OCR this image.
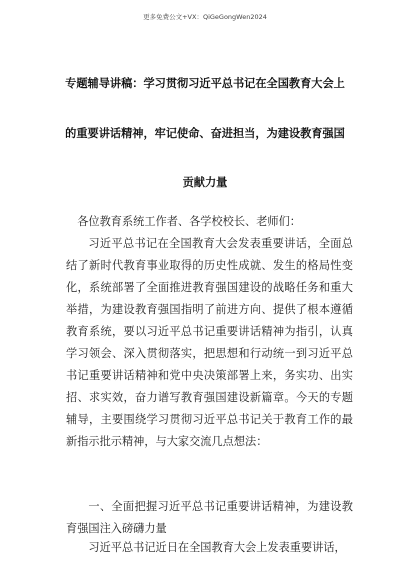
更多免费公文+VX：QiGeGongWen2024
专题辅导讲稿：学习贯彻习近平总书记在全国教育大会上
的重要讲话精神，牢记使命、奋进担当，为建设教育强国
贡献力量
各位教育系统工作者、各学校校长、老师们：
习近平总书记在全国教育大会发表重要讲话，全面总结了新时代教育事业取得的历史性成就、发生的格局性变化，系统部署了全面推进教育强国建设的战略任务和重大举措，为建设教育强国指明了前进方向、提供了根本遵循教育系统，要以习近平总书记重要讲话精神为指引，认真学习领会、深入贯彻落实，把思想和行动统一到习近平总书记重要讲话精神和党中央决策部署上来，务实功、出实招、求实效，奋力谱写教育强国建设新篇章。今天的专题辅导，主要围绕学习贯彻习近平总书记关于教育工作的最新指示批示精神，与大家交流几点想法：
一、全面把握习近平总书记重要讲话精神，为建设教育强国注入磅礴力量
习近平总书记近日在全国教育大会上发表重要讲话，
